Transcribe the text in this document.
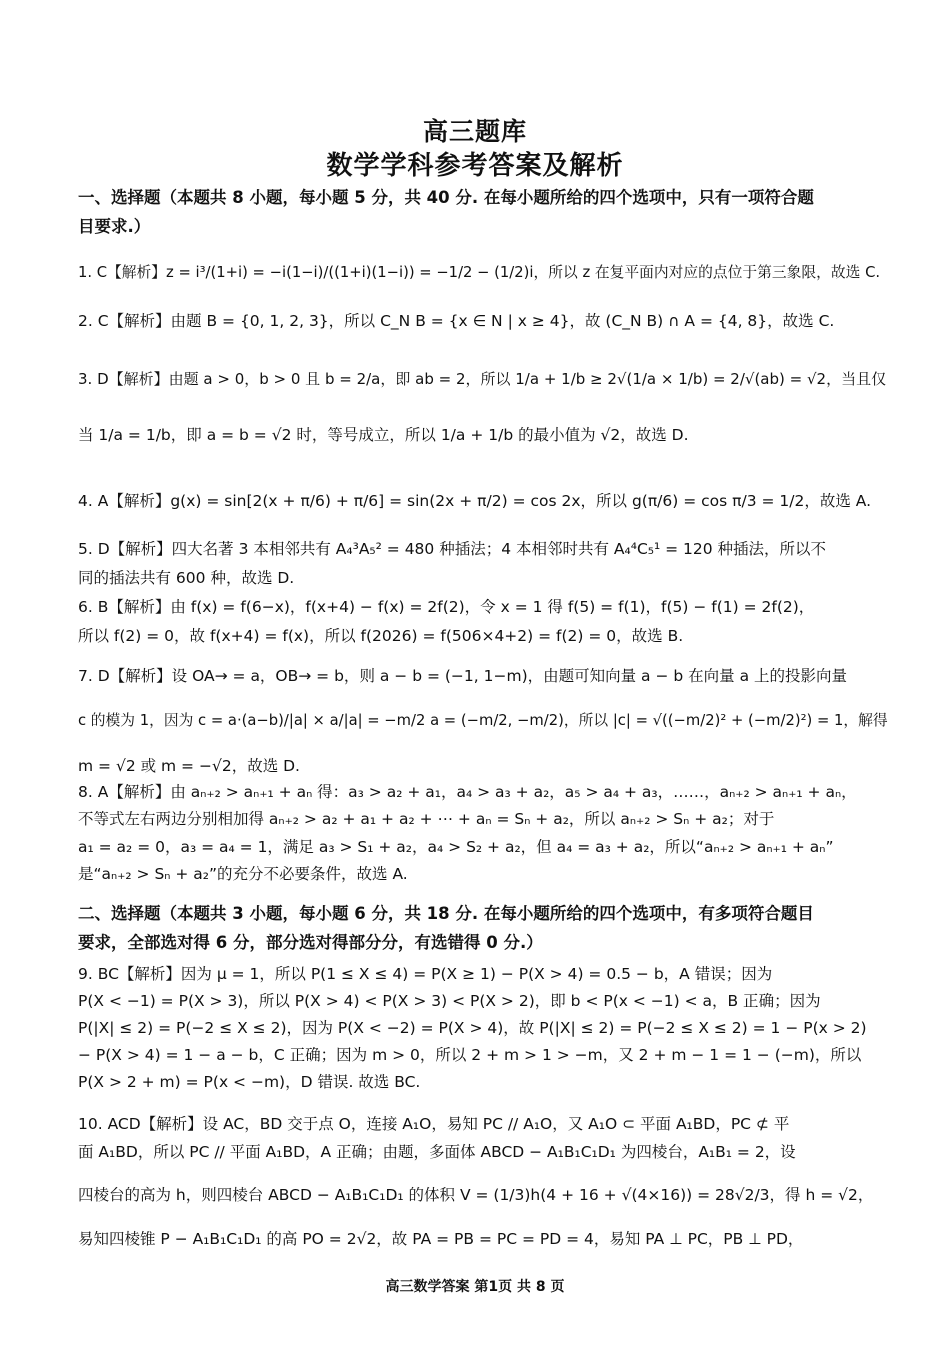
高三题库
数学学科参考答案及解析
一、选择题（本题共 8 小题，每小题 5 分，共 40 分. 在每小题所给的四个选项中，只有一项符合题
目要求.）
1. C【解析】z = i³/(1+i) = −i(1−i)/((1+i)(1−i)) = −1/2 − (1/2)i，所以 z 在复平面内对应的点位于第三象限，故选 C.
2. C【解析】由题 B = {0, 1, 2, 3}，所以 C_N B = {x ∈ N | x ≥ 4}，故 (C_N B) ∩ A = {4, 8}，故选 C.
3. D【解析】由题 a > 0，b > 0 且 b = 2/a，即 ab = 2，所以 1/a + 1/b ≥ 2√(1/a × 1/b) = 2/√(ab) = √2，当且仅
当 1/a = 1/b，即 a = b = √2 时，等号成立，所以 1/a + 1/b 的最小值为 √2，故选 D.
4. A【解析】g(x) = sin[2(x + π/6) + π/6] = sin(2x + π/2) = cos 2x，所以 g(π/6) = cos π/3 = 1/2，故选 A.
5. D【解析】四大名著 3 本相邻共有 A₄³A₅² = 480 种插法；4 本相邻时共有 A₄⁴C₅¹ = 120 种插法，所以不
同的插法共有 600 种，故选 D.
6. B【解析】由 f(x) = f(6−x)，f(x+4) − f(x) = 2f(2)，令 x = 1 得 f(5) = f(1)，f(5) − f(1) = 2f(2)，
所以 f(2) = 0，故 f(x+4) = f(x)，所以 f(2026) = f(506×4+2) = f(2) = 0，故选 B.
7. D【解析】设 OA→ = a，OB→ = b，则 a − b = (−1, 1−m)，由题可知向量 a − b 在向量 a 上的投影向量
c 的模为 1，因为 c = a·(a−b)/|a| × a/|a| = −m/2 a = (−m/2, −m/2)，所以 |c| = √((−m/2)² + (−m/2)²) = 1，解得
m = √2 或 m = −√2，故选 D.
8. A【解析】由 aₙ₊₂ > aₙ₊₁ + aₙ 得：a₃ > a₂ + a₁，a₄ > a₃ + a₂，a₅ > a₄ + a₃，……，aₙ₊₂ > aₙ₊₁ + aₙ，
不等式左右两边分别相加得 aₙ₊₂ > a₂ + a₁ + a₂ + ⋯ + aₙ = Sₙ + a₂，所以 aₙ₊₂ > Sₙ + a₂；对于
a₁ = a₂ = 0，a₃ = a₄ = 1，满足 a₃ > S₁ + a₂，a₄ > S₂ + a₂，但 a₄ = a₃ + a₂，所以“aₙ₊₂ > aₙ₊₁ + aₙ”
是“aₙ₊₂ > Sₙ + a₂”的充分不必要条件，故选 A.
二、选择题（本题共 3 小题，每小题 6 分，共 18 分. 在每小题所给的四个选项中，有多项符合题目
要求，全部选对得 6 分，部分选对得部分分，有选错得 0 分.）
9. BC【解析】因为 μ = 1，所以 P(1 ≤ X ≤ 4) = P(X ≥ 1) − P(X > 4) = 0.5 − b，A 错误；因为
P(X < −1) = P(X > 3)，所以 P(X > 4) < P(X > 3) < P(X > 2)，即 b < P(x < −1) < a，B 正确；因为
P(|X| ≤ 2) = P(−2 ≤ X ≤ 2)，因为 P(X < −2) = P(X > 4)，故 P(|X| ≤ 2) = P(−2 ≤ X ≤ 2) = 1 − P(x > 2)
− P(X > 4) = 1 − a − b，C 正确；因为 m > 0，所以 2 + m > 1 > −m，又 2 + m − 1 = 1 − (−m)，所以
P(X > 2 + m) = P(x < −m)，D 错误. 故选 BC.
10. ACD【解析】设 AC，BD 交于点 O，连接 A₁O，易知 PC // A₁O，又 A₁O ⊂ 平面 A₁BD，PC ⊄ 平
面 A₁BD，所以 PC // 平面 A₁BD，A 正确；由题，多面体 ABCD − A₁B₁C₁D₁ 为四棱台，A₁B₁ = 2，设
四棱台的高为 h，则四棱台 ABCD − A₁B₁C₁D₁ 的体积 V = (1/3)h(4 + 16 + √(4×16)) = 28√2/3，得 h = √2，
易知四棱锥 P − A₁B₁C₁D₁ 的高 PO = 2√2，故 PA = PB = PC = PD = 4，易知 PA ⊥ PC，PB ⊥ PD，
高三数学答案 第1页 共 8 页
